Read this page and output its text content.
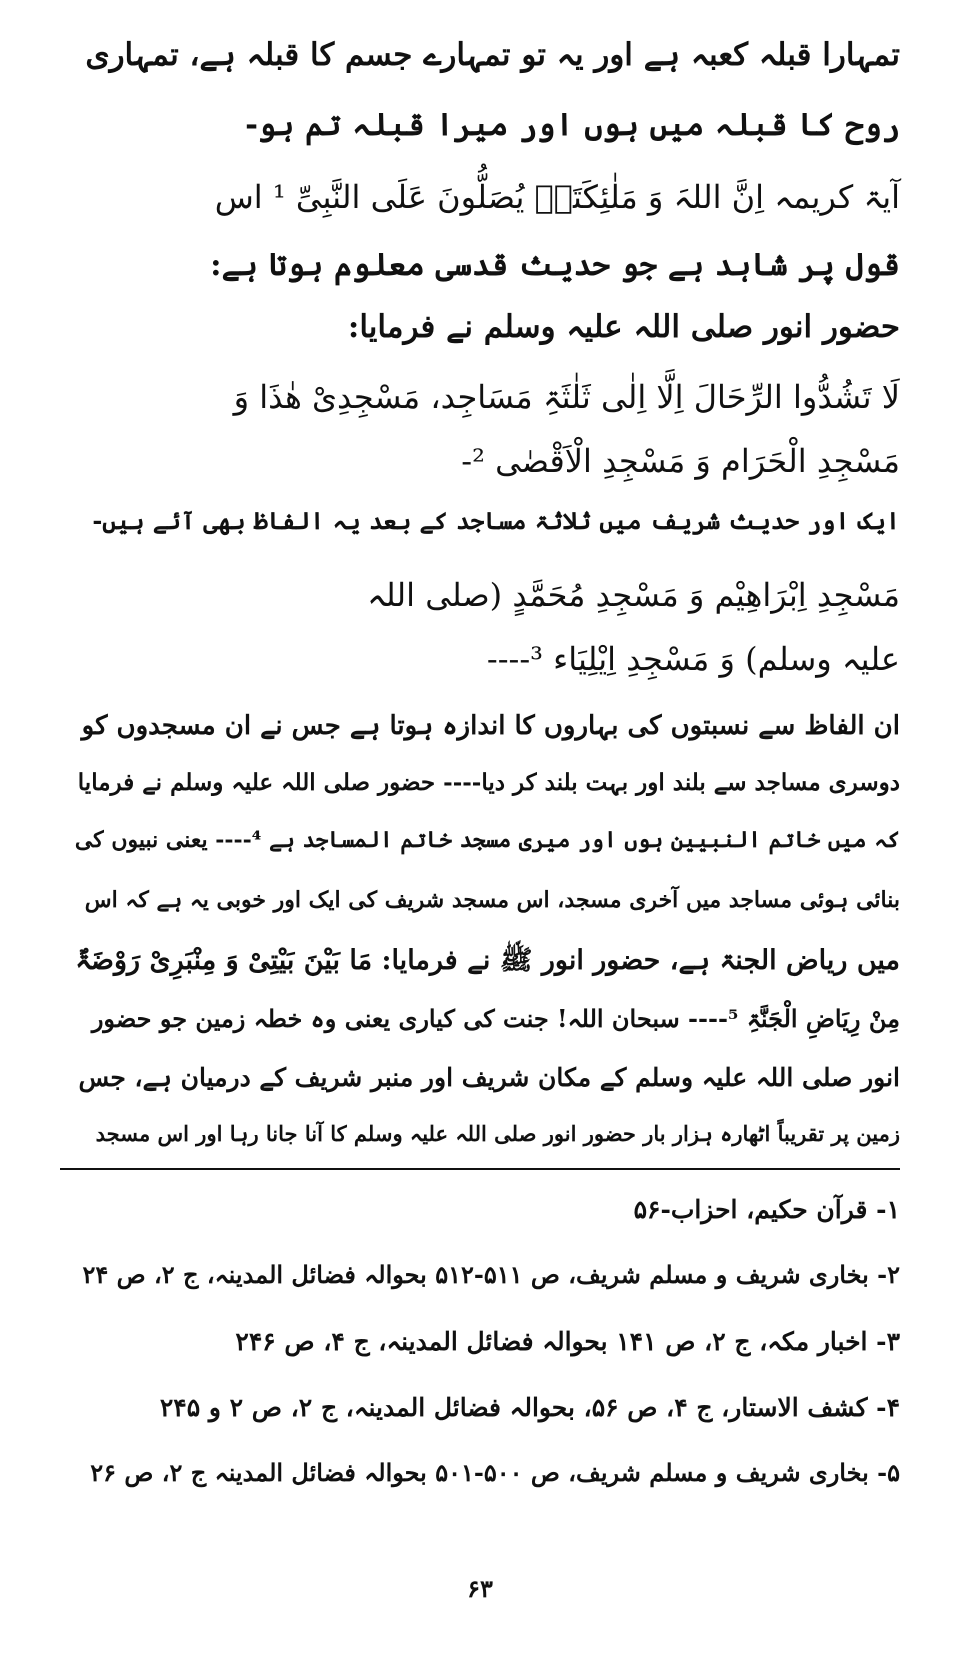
تمہارا قبلہ کعبہ ہے اور یہ تو تمہارے جسم کا قبلہ ہے، تمہاری
روح کا قبلہ میں ہوں اور میرا قبلہ تم ہو-
آیۃ کریمہ اِنَّ اللہَ وَ مَلٰئِکَتَہٗ یُصَلُّونَ عَلَی النَّبِیِّ ¹ اس
قول پر شاہد ہے جو حدیث قدسی معلوم ہوتا ہے:
حضور انور صلی اللہ علیہ وسلم نے فرمایا:
لَا تَشُدُّوا الرِّحَالَ اِلَّا اِلٰی ثَلٰثَۃِ مَسَاجِد، مَسْجِدِیْ ھٰذَا وَ
مَسْجِدِ الْحَرَام وَ مَسْجِدِ الْاَقْصٰی ²-
ایک اور حدیث شریف میں ثلاثۃ مساجد کے بعد یہ الفاظ بھی آئے ہیں-
مَسْجِدِ اِبْرَاھِیْم وَ مَسْجِدِ مُحَمَّدٍ (صلی اللہ
علیہ وسلم) وَ مَسْجِدِ اِیْلِیَاء ³----
ان الفاظ سے نسبتوں کی بہاروں کا اندازہ ہوتا ہے جس نے ان مسجدوں کو
دوسری مساجد سے بلند اور بہت بلند کر دیا---- حضور صلی اللہ علیہ وسلم نے فرمایا
کہ میں خاتم النبیین ہوں اور میری مسجد خاتم المساجد ہے ⁴---- یعنی نبیوں کی
بنائی ہوئی مساجد میں آخری مسجد، اس مسجد شریف کی ایک اور خوبی یہ ہے کہ اس
میں ریاض الجنۃ ہے، حضور انور ﷺ نے فرمایا: مَا بَیْنَ بَیْتِیْ وَ مِنْبَرِیْ رَوْضَۃٌ
مِنْ رِیَاضِ الْجَنَّۃِ ⁵---- سبحان اللہ! جنت کی کیاری یعنی وہ خطہ زمین جو حضور
انور صلی اللہ علیہ وسلم کے مکان شریف اور منبر شریف کے درمیان ہے، جس
زمین پر تقریباً اٹھارہ ہزار بار حضور انور صلی اللہ علیہ وسلم کا آنا جانا رہا اور اس مسجد
۱- قرآن حکیم، احزاب-۵۶
۲- بخاری شریف و مسلم شریف، ص ۵۱۱-۵۱۲ بحوالہ فضائل المدینہ، ج ۲، ص ۲۴
۳- اخبار مکہ، ج ۲، ص ۱۴۱ بحوالہ فضائل المدینہ، ج ۴، ص ۲۴۶
۴- کشف الاستار، ج ۴، ص ۵۶، بحوالہ فضائل المدینہ، ج ۲، ص ۲ و ۲۴۵
۵- بخاری شریف و مسلم شریف، ص ۵۰۰-۵۰۱ بحوالہ فضائل المدینہ ج ۲، ص ۲۶
۶۳
